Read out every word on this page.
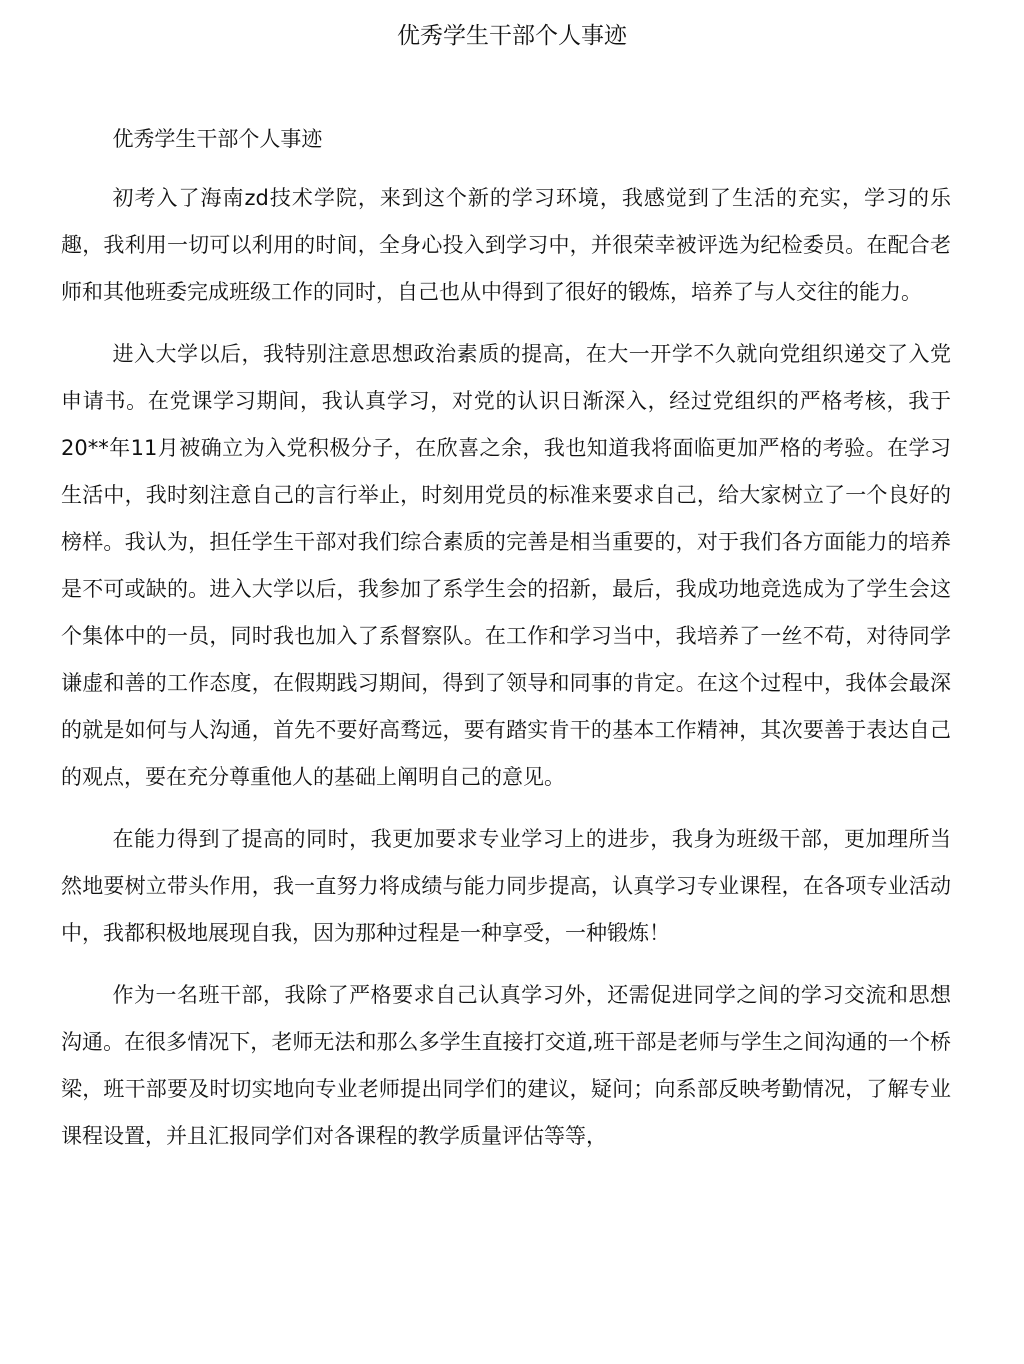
优秀学生干部个人事迹

优秀学生干部个人事迹

初考入了海南zd技术学院，来到这个新的学习环境，我感觉到了生活的充实，学习的乐趣，我利用一切可以利用的时间，全身心投入到学习中，并很荣幸被评选为纪检委员。在配合老师和其他班委完成班级工作的同时，自己也从中得到了很好的锻炼，培养了与人交往的能力。

进入大学以后，我特别注意思想政治素质的提高，在大一开学不久就向党组织递交了入党申请书。在党课学习期间，我认真学习，对党的认识日渐深入，经过党组织的严格考核，我于20**年11月被确立为入党积极分子，在欣喜之余，我也知道我将面临更加严格的考验。在学习生活中，我时刻注意自己的言行举止，时刻用党员的标准来要求自己，给大家树立了一个良好的榜样。我认为，担任学生干部对我们综合素质的完善是相当重要的，对于我们各方面能力的培养是不可或缺的。进入大学以后，我参加了系学生会的招新，最后，我成功地竞选成为了学生会这个集体中的一员，同时我也加入了系督察队。在工作和学习当中，我培养了一丝不苟，对待同学谦虚和善的工作态度，在假期践习期间，得到了领导和同事的肯定。在这个过程中，我体会最深的就是如何与人沟通，首先不要好高骛远，要有踏实肯干的基本工作精神，其次要善于表达自己的观点，要在充分尊重他人的基础上阐明自己的意见。

在能力得到了提高的同时，我更加要求专业学习上的进步，我身为班级干部，更加理所当然地要树立带头作用，我一直努力将成绩与能力同步提高，认真学习专业课程，在各项专业活动中，我都积极地展现自我，因为那种过程是一种享受，一种锻炼！

作为一名班干部，我除了严格要求自己认真学习外，还需促进同学之间的学习交流和思想沟通。在很多情况下，老师无法和那么多学生直接打交道,班干部是老师与学生之间沟通的一个桥梁，班干部要及时切实地向专业老师提出同学们的建议，疑问；向系部反映考勤情况，了解专业课程设置，并且汇报同学们对各课程的教学质量评估等等，
